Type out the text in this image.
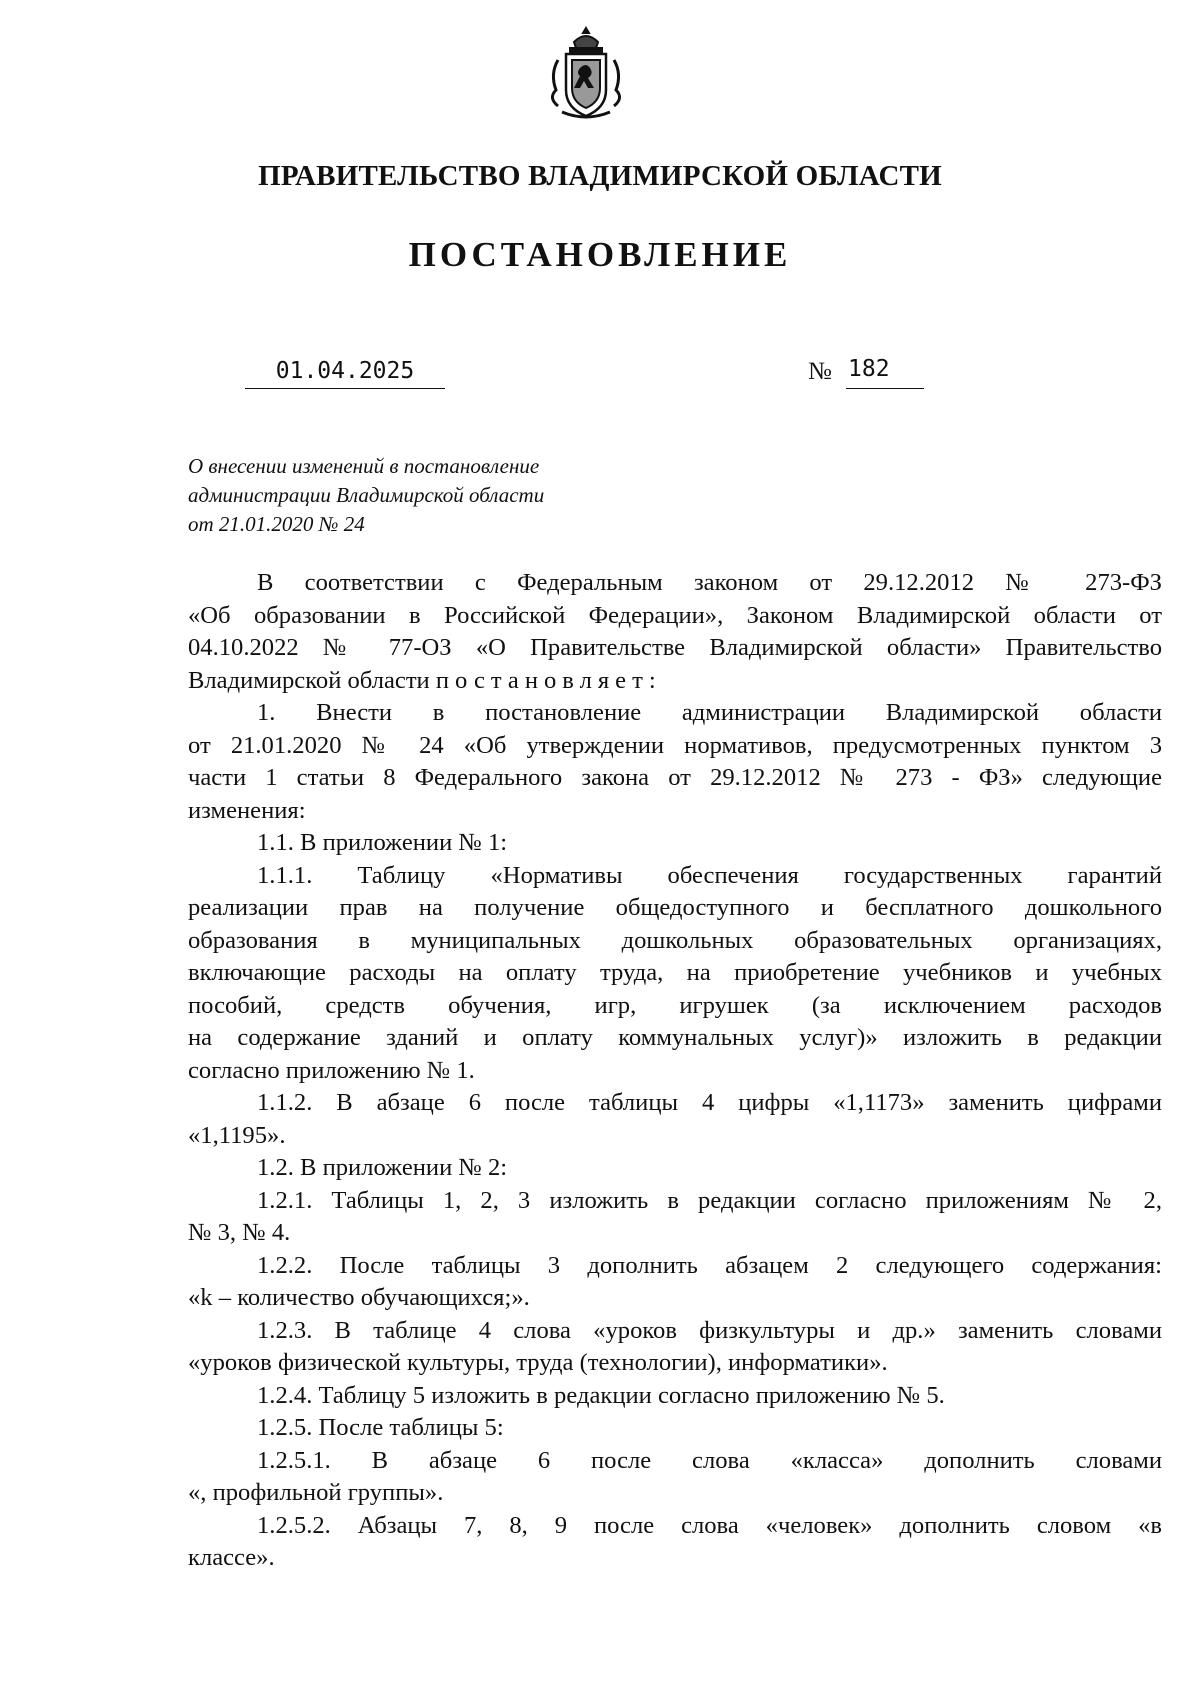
ПРАВИТЕЛЬСТВО ВЛАДИМИРСКОЙ ОБЛАСТИ
ПОСТАНОВЛЕНИЕ
01.04.2025	№ 182
О внесении изменений в постановление
администрации Владимирской области
от 21.01.2020 № 24
В соответствии с Федеральным законом от 29.12.2012 № 273-ФЗ
«Об образовании в Российской Федерации», Законом Владимирской области от
04.10.2022 № 77-ОЗ «О Правительстве Владимирской области» Правительство
Владимирской области постановляет:
1. Внести в постановление администрации Владимирской области
от 21.01.2020 № 24 «Об утверждении нормативов, предусмотренных пунктом 3
части 1 статьи 8 Федерального закона от 29.12.2012 № 273 - ФЗ» следующие
изменения:
1.1. В приложении № 1:
1.1.1. Таблицу «Нормативы обеспечения государственных гарантий
реализации прав на получение общедоступного и бесплатного дошкольного
образования в муниципальных дошкольных образовательных организациях,
включающие расходы на оплату труда, на приобретение учебников и учебных
пособий, средств обучения, игр, игрушек (за исключением расходов
на содержание зданий и оплату коммунальных услуг)» изложить в редакции
согласно приложению № 1.
1.1.2. В абзаце 6 после таблицы 4 цифры «1,1173» заменить цифрами
«1,1195».
1.2. В приложении № 2:
1.2.1. Таблицы 1, 2, 3 изложить в редакции согласно приложениям № 2,
№ 3, № 4.
1.2.2. После таблицы 3 дополнить абзацем 2 следующего содержания:
«k – количество обучающихся;».
1.2.3. В таблице 4 слова «уроков физкультуры и др.» заменить словами
«уроков физической культуры, труда (технологии), информатики».
1.2.4. Таблицу 5 изложить в редакции согласно приложению № 5.
1.2.5. После таблицы 5:
1.2.5.1. В абзаце 6 после слова «класса» дополнить словами
«, профильной группы».
1.2.5.2. Абзацы 7, 8, 9 после слова «человек» дополнить словом «в
классе».
